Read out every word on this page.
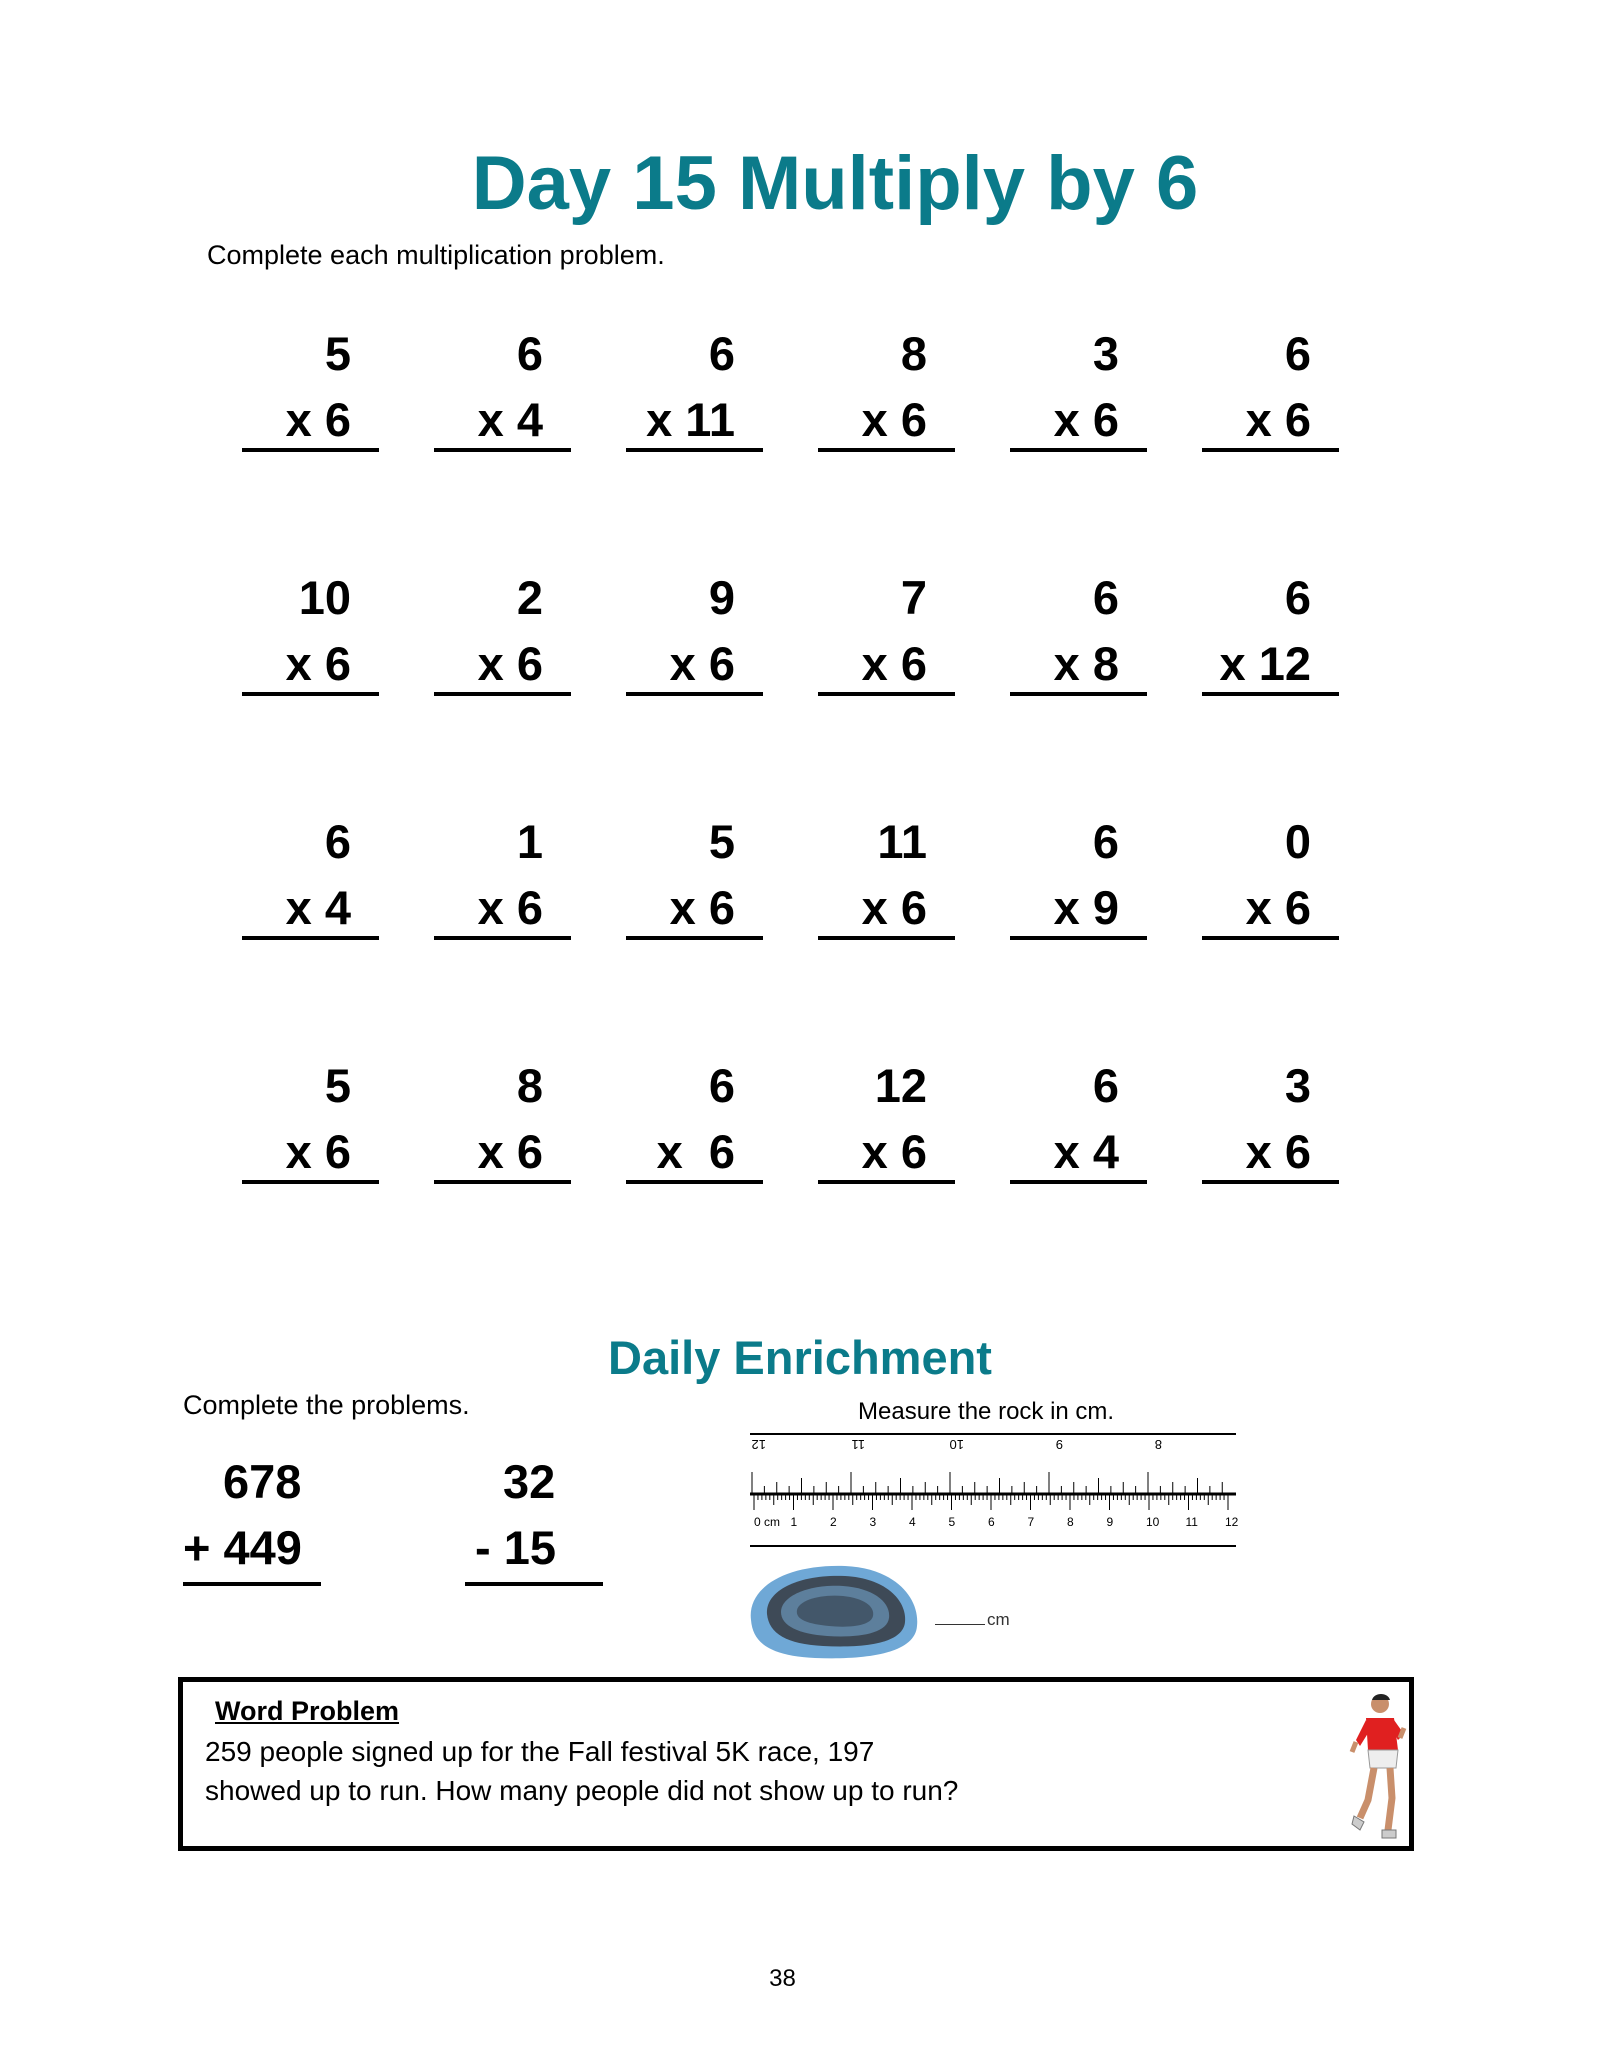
Day 15 Multiply by 6
Complete each multiplication problem.
5
x 6
6
x 4
6
x 11
8
x 6
3
x 6
6
x 6
10
x 6
2
x 6
9
x 6
7
x 6
6
x 8
6
x 12
6
x 4
1
x 6
5
x 6
11
x 6
6
x 9
0
x 6
5
x 6
8
x 6
6
x  6
12
x 6
6
x 4
3
x 6
Daily Enrichment
Complete the problems.
678
+ 449
32
- 15
Measure the rock in cm.
0 cm 1	2	3	4	5	6	7	8	9	10 11 12
12	11	10	9	8
cm
Word Problem
259 people signed up for the Fall festival 5K race, 197 showed up to run. How many people did not show up to run?
38
